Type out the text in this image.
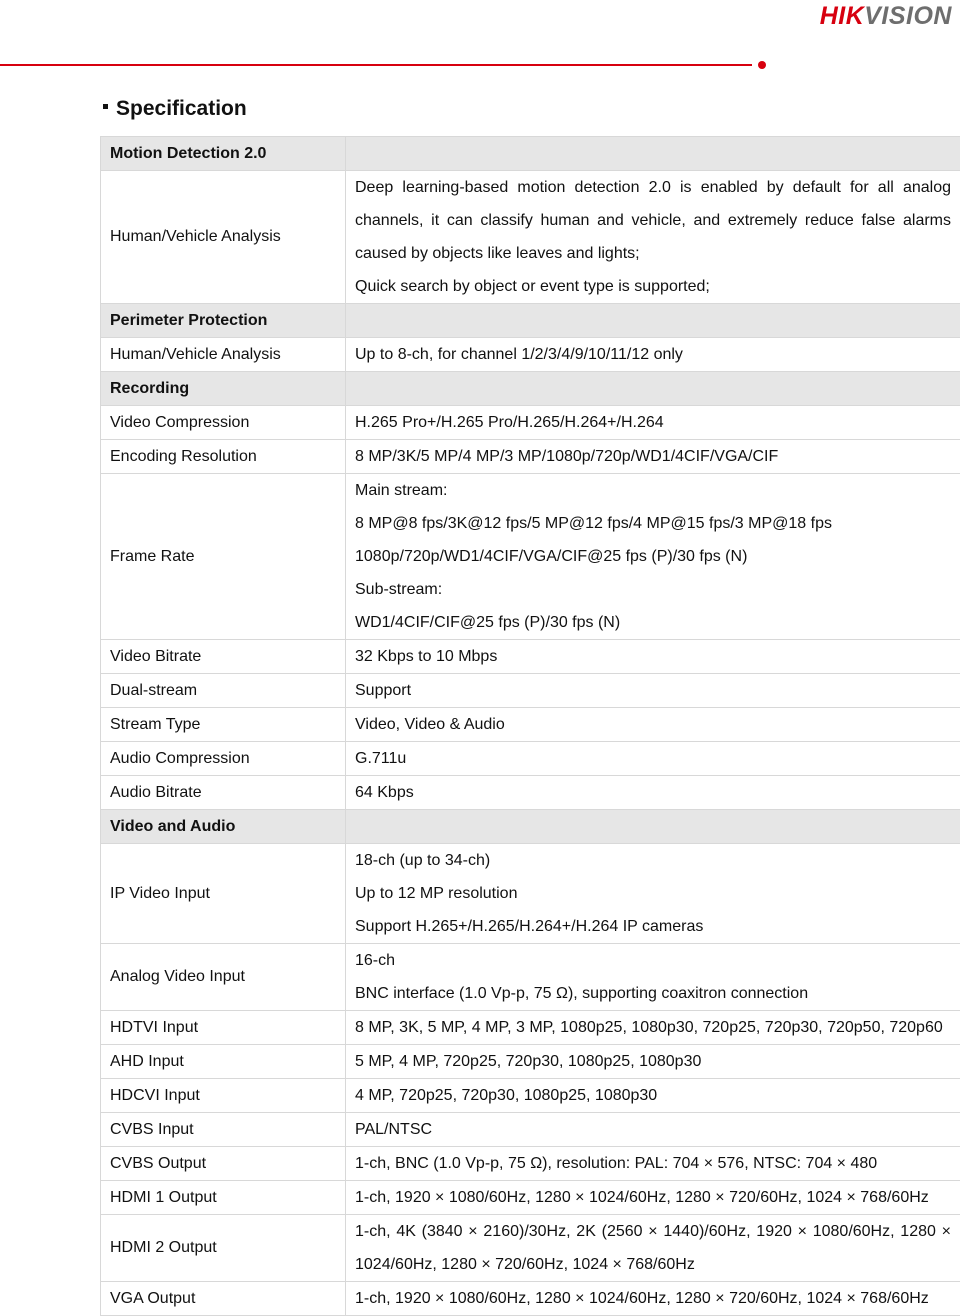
HIKVISION
Specification
Motion Detection 2.0	
Human/Vehicle Analysis	Deep learning-based motion detection 2.0 is enabled by default for all analog channels, it can classify human and vehicle, and extremely reduce false alarms caused by objects like leaves and lights;
Quick search by object or event type is supported;

Perimeter Protection	
Human/Vehicle Analysis	Up to 8-ch, for channel 1/2/3/4/9/10/11/12 only

Recording	
Video Compression	H.265 Pro+/H.265 Pro/H.265/H.264+/H.264

Encoding Resolution	8 MP/3K/5 MP/4 MP/3 MP/1080p/720p/WD1/4CIF/VGA/CIF

Frame Rate	Main stream:
8 MP@8 fps/3K@12 fps/5 MP@12 fps/4 MP@15 fps/3 MP@18 fps
1080p/720p/WD1/4CIF/VGA/CIF@25 fps (P)/30 fps (N)
Sub-stream:
WD1/4CIF/CIF@25 fps (P)/30 fps (N)

Video Bitrate	32 Kbps to 10 Mbps

Dual-stream	Support

Stream Type	Video, Video & Audio

Audio Compression	G.711u

Audio Bitrate	64 Kbps

Video and Audio	
IP Video Input	18-ch (up to 34-ch)
Up to 12 MP resolution
Support H.265+/H.265/H.264+/H.264 IP cameras

Analog Video Input	16-ch
BNC interface (1.0 Vp-p, 75 Ω), supporting coaxitron connection

HDTVI Input	8 MP, 3K, 5 MP, 4 MP, 3 MP, 1080p25, 1080p30, 720p25, 720p30, 720p50, 720p60

AHD Input	5 MP, 4 MP, 720p25, 720p30, 1080p25, 1080p30

HDCVI Input	4 MP, 720p25, 720p30, 1080p25, 1080p30

CVBS Input	PAL/NTSC

CVBS Output	1-ch, BNC (1.0 Vp-p, 75 Ω), resolution: PAL: 704 × 576, NTSC: 704 × 480

HDMI 1 Output	1-ch, 1920 × 1080/60Hz, 1280 × 1024/60Hz, 1280 × 720/60Hz, 1024 × 768/60Hz

HDMI 2 Output	1-ch, 4K (3840 × 2160)/30Hz, 2K (2560 × 1440)/60Hz, 1920 × 1080/60Hz, 1280 × 1024/60Hz, 1280 × 720/60Hz, 1024 × 768/60Hz

VGA Output	1-ch, 1920 × 1080/60Hz, 1280 × 1024/60Hz, 1280 × 720/60Hz, 1024 × 768/60Hz
